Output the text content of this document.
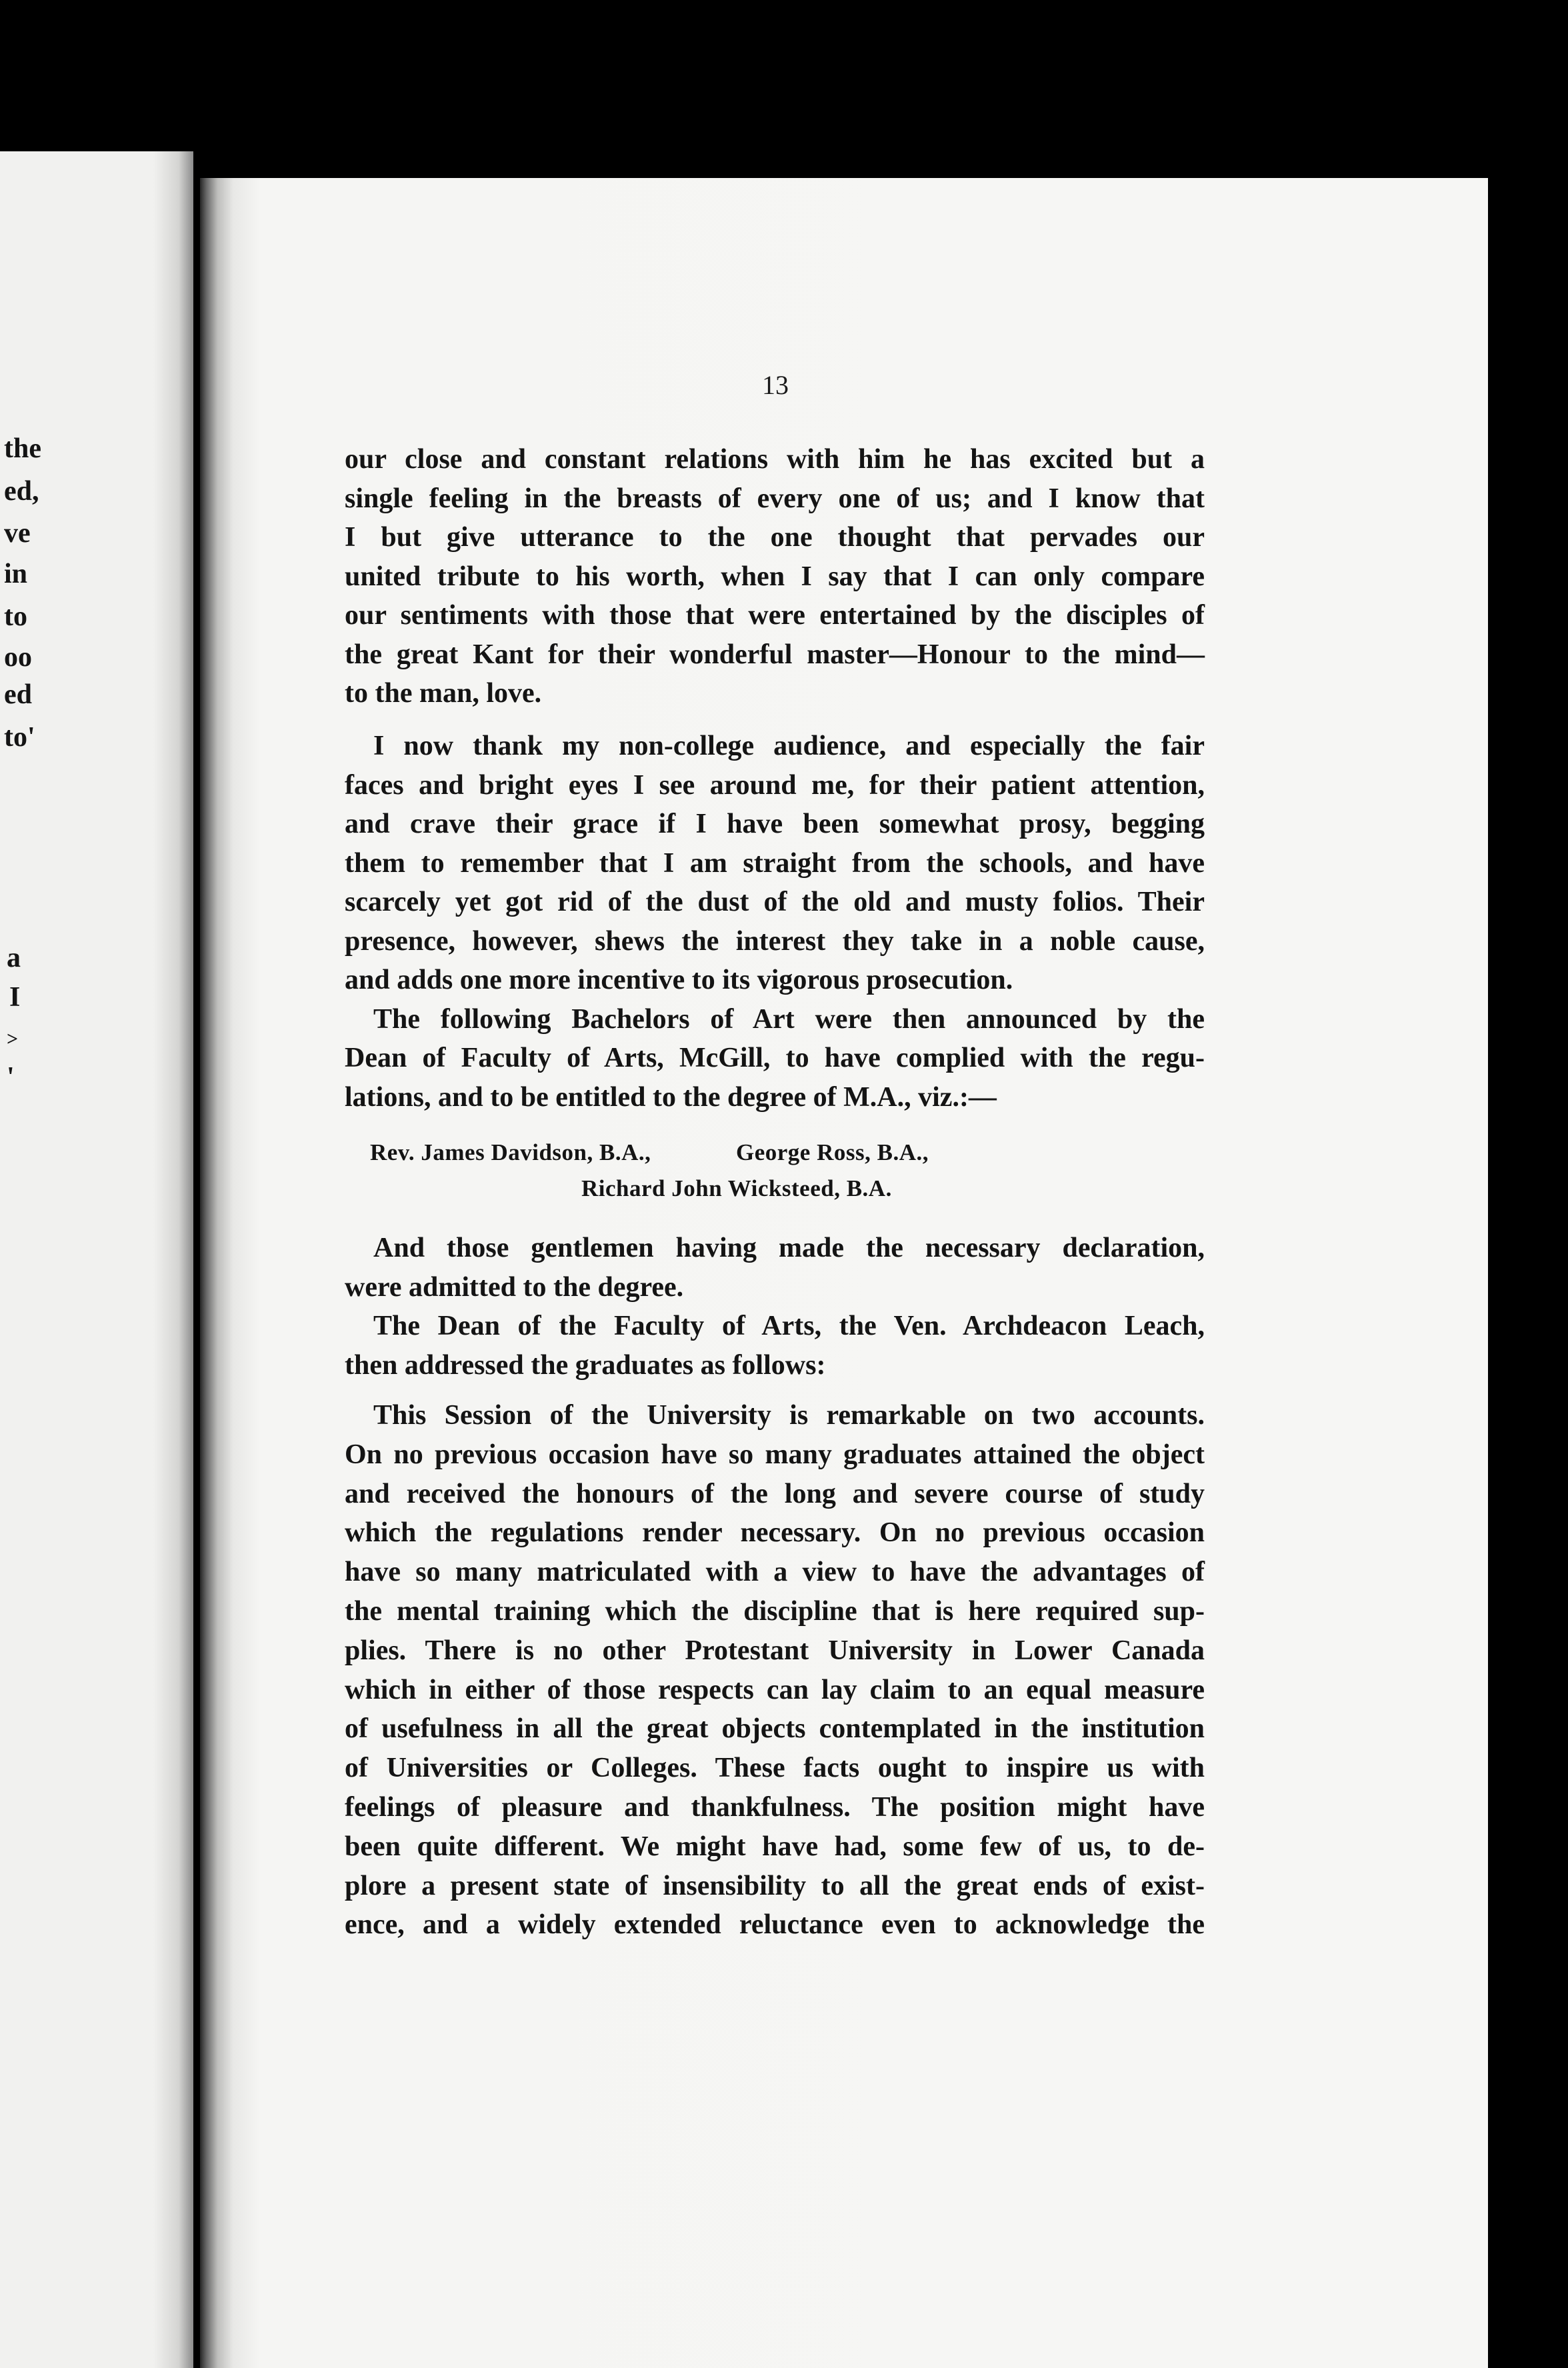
the
ed,
ve
in
to
oo
ed
to'
a
I
>
'
13
our close and constant relations with him he has excited but a
single feeling in the breasts of every one of us; and I know that
I but give utterance to the one thought that pervades our
united tribute to his worth, when I say that I can only compare
our sentiments with those that were entertained by the disciples of
the great Kant for their wonderful master—Honour to the mind—
to the man, love.
I now thank my non-college audience, and especially the fair
faces and bright eyes I see around me, for their patient attention,
and crave their grace if I have been somewhat prosy, begging
them to remember that I am straight from the schools, and have
scarcely yet got rid of the dust of the old and musty folios. Their
presence, however, shews the interest they take in a noble cause,
and adds one more incentive to its vigorous prosecution.
The following Bachelors of Art were then announced by the
Dean of Faculty of Arts, McGill, to have complied with the regu-
lations, and to be entitled to the degree of M.A., viz.:—
Rev. James Davidson, B.A.,	George Ross, B.A.,
Richard John Wicksteed, B.A.
And those gentlemen having made the necessary declaration,
were admitted to the degree.
The Dean of the Faculty of Arts, the Ven. Archdeacon Leach,
then addressed the graduates as follows:
This Session of the University is remarkable on two accounts.
On no previous occasion have so many graduates attained the object
and received the honours of the long and severe course of study
which the regulations render necessary. On no previous occasion
have so many matriculated with a view to have the advantages of
the mental training which the discipline that is here required sup-
plies. There is no other Protestant University in Lower Canada
which in either of those respects can lay claim to an equal measure
of usefulness in all the great objects contemplated in the institution
of Universities or Colleges. These facts ought to inspire us with
feelings of pleasure and thankfulness. The position might have
been quite different. We might have had, some few of us, to de-
plore a present state of insensibility to all the great ends of exist-
ence, and a widely extended reluctance even to acknowledge the
